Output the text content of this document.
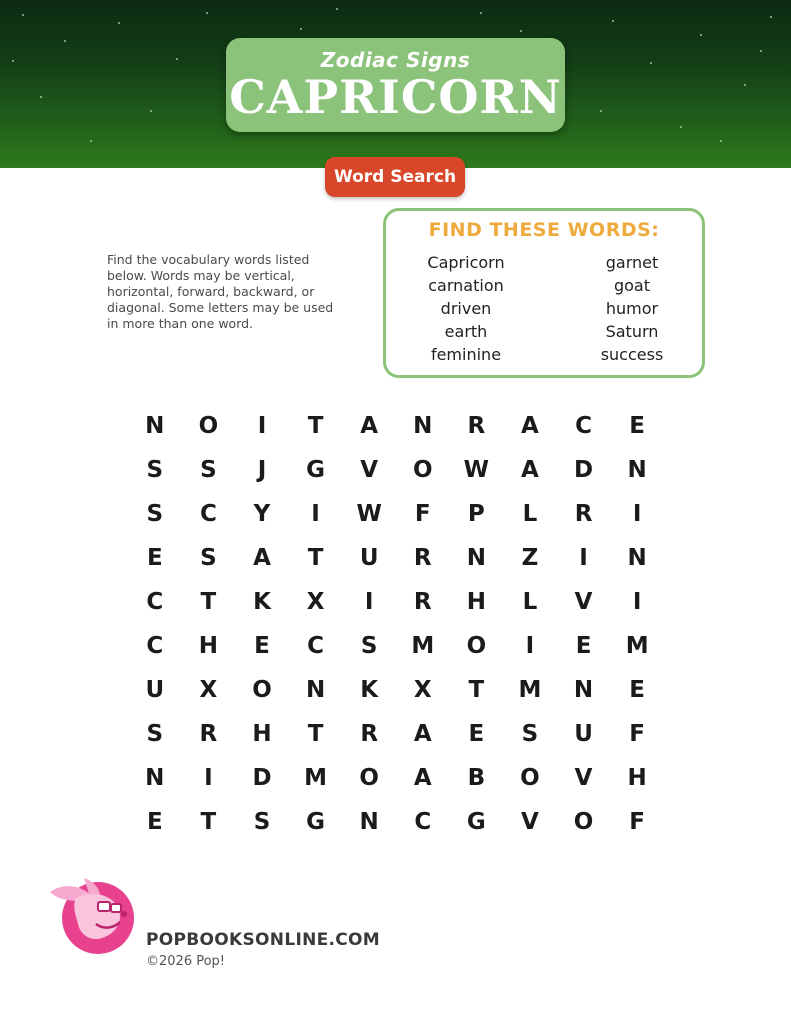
Zodiac Signs
CAPRICORN
Word Search
Find the vocabulary words listed below. Words may be vertical, horizontal, forward, backward, or diagonal. Some letters may be used in more than one word.
FIND THESE WORDS:
Capricorn
carnation
driven
earth
feminine
garnet
goat
humor
Saturn
success
N	O	I	T	A	N	R	A	C	E
S	S	J	G	V	O	W	A	D	N
S	C	Y	I	W	F	P	L	R	I
E	S	A	T	U	R	N	Z	I	N
C	T	K	X	I	R	H	L	V	I
C	H	E	C	S	M	O	I	E	M
U	X	O	N	K	X	T	M	N	E
S	R	H	T	R	A	E	S	U	F
N	I	D	M	O	A	B	O	V	H
E	T	S	G	N	C	G	V	O	F
POPBOOKSONLINE.COM
©2026 Pop!
